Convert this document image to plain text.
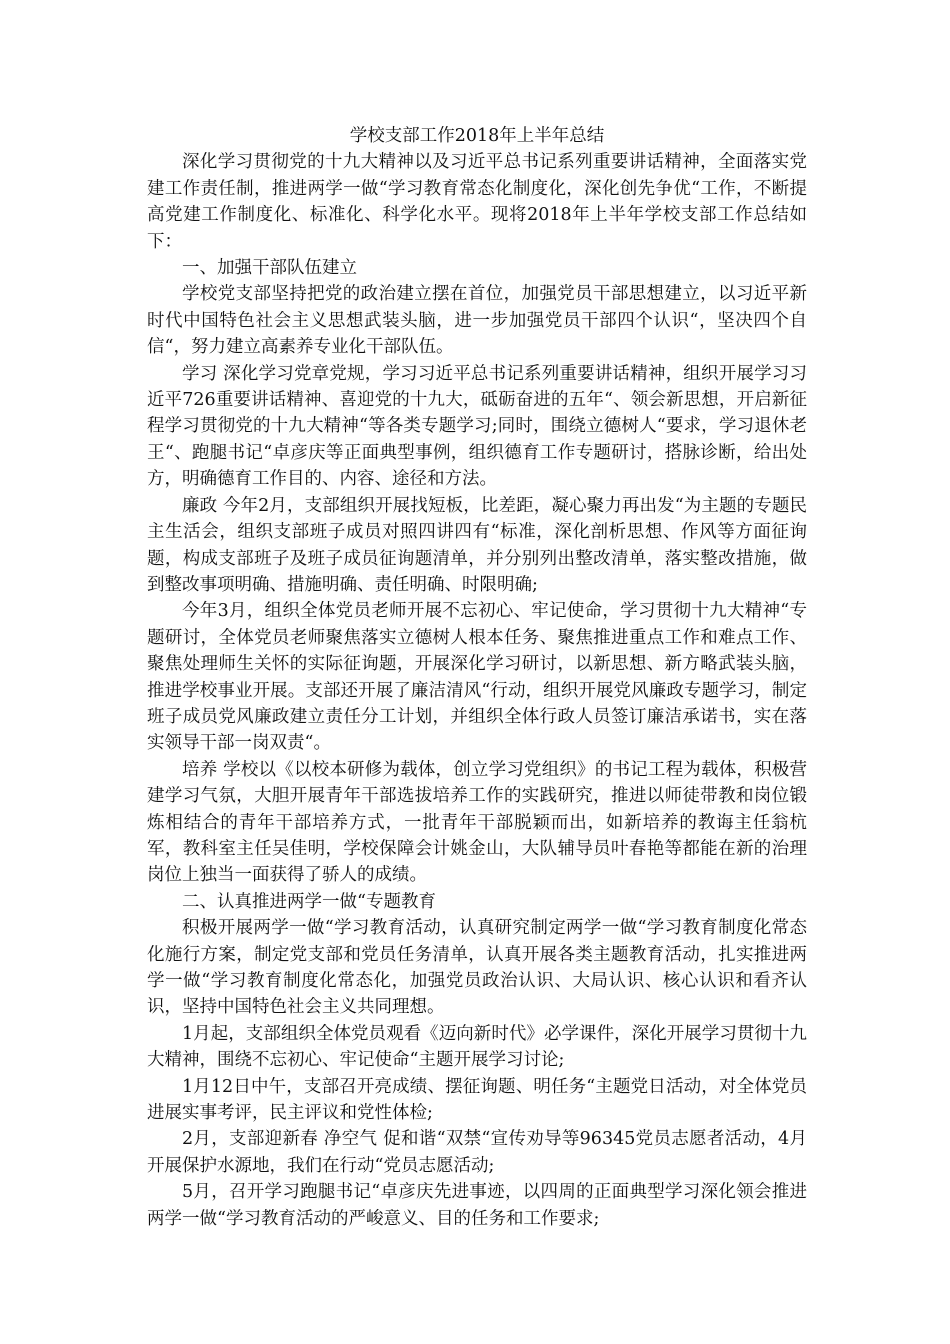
学校支部工作2018年上半年总结

深化学习贯彻党的十九大精神以及习近平总书记系列重要讲话精神，全面落实党建工作责任制，推进两学一做“学习教育常态化制度化，深化创先争优“工作，不断提高党建工作制度化、标准化、科学化水平。现将2018年上半年学校支部工作总结如下：

一、加强干部队伍建立

学校党支部坚持把党的政治建立摆在首位，加强党员干部思想建立，以习近平新时代中国特色社会主义思想武装头脑，进一步加强党员干部四个认识“，坚决四个自信“，努力建立高素养专业化干部队伍。

学习 深化学习党章党规，学习习近平总书记系列重要讲话精神，组织开展学习习近平726重要讲话精神、喜迎党的十九大，砥砺奋进的五年“、领会新思想，开启新征程学习贯彻党的十九大精神“等各类专题学习;同时，围绕立德树人“要求，学习退休老王“、跑腿书记“卓彦庆等正面典型事例，组织德育工作专题研讨，搭脉诊断，给出处方，明确德育工作目的、内容、途径和方法。

廉政 今年2月，支部组织开展找短板，比差距，凝心聚力再出发“为主题的专题民主生活会，组织支部班子成员对照四讲四有“标准，深化剖析思想、作风等方面征询题，构成支部班子及班子成员征询题清单，并分别列出整改清单，落实整改措施，做到整改事项明确、措施明确、责任明确、时限明确;

今年3月，组织全体党员老师开展不忘初心、牢记使命，学习贯彻十九大精神“专题研讨，全体党员老师聚焦落实立德树人根本任务、聚焦推进重点工作和难点工作、聚焦处理师生关怀的实际征询题，开展深化学习研讨，以新思想、新方略武装头脑，推进学校事业开展。支部还开展了廉洁清风“行动，组织开展党风廉政专题学习，制定班子成员党风廉政建立责任分工计划，并组织全体行政人员签订廉洁承诺书，实在落实领导干部一岗双责“。

培养 学校以《以校本研修为载体，创立学习党组织》的书记工程为载体，积极营建学习气氛，大胆开展青年干部选拔培养工作的实践研究，推进以师徒带教和岗位锻炼相结合的青年干部培养方式，一批青年干部脱颖而出，如新培养的教诲主任翁杭军，教科室主任吴佳明，学校保障会计姚金山，大队辅导员叶春艳等都能在新的治理岗位上独当一面获得了骄人的成绩。

二、认真推进两学一做“专题教育

积极开展两学一做“学习教育活动，认真研究制定两学一做“学习教育制度化常态化施行方案，制定党支部和党员任务清单，认真开展各类主题教育活动，扎实推进两学一做“学习教育制度化常态化，加强党员政治认识、大局认识、核心认识和看齐认识，坚持中国特色社会主义共同理想。

1月起，支部组织全体党员观看《迈向新时代》必学课件，深化开展学习贯彻十九大精神，围绕不忘初心、牢记使命“主题开展学习讨论;

1月12日中午，支部召开亮成绩、摆征询题、明任务“主题党日活动，对全体党员进展实事考评，民主评议和党性体检;

2月，支部迎新春 净空气 促和谐“双禁“宣传劝导等96345党员志愿者活动，4月开展保护水源地，我们在行动“党员志愿活动;

5月，召开学习跑腿书记“卓彦庆先进事迹，以四周的正面典型学习深化领会推进两学一做“学习教育活动的严峻意义、目的任务和工作要求;
